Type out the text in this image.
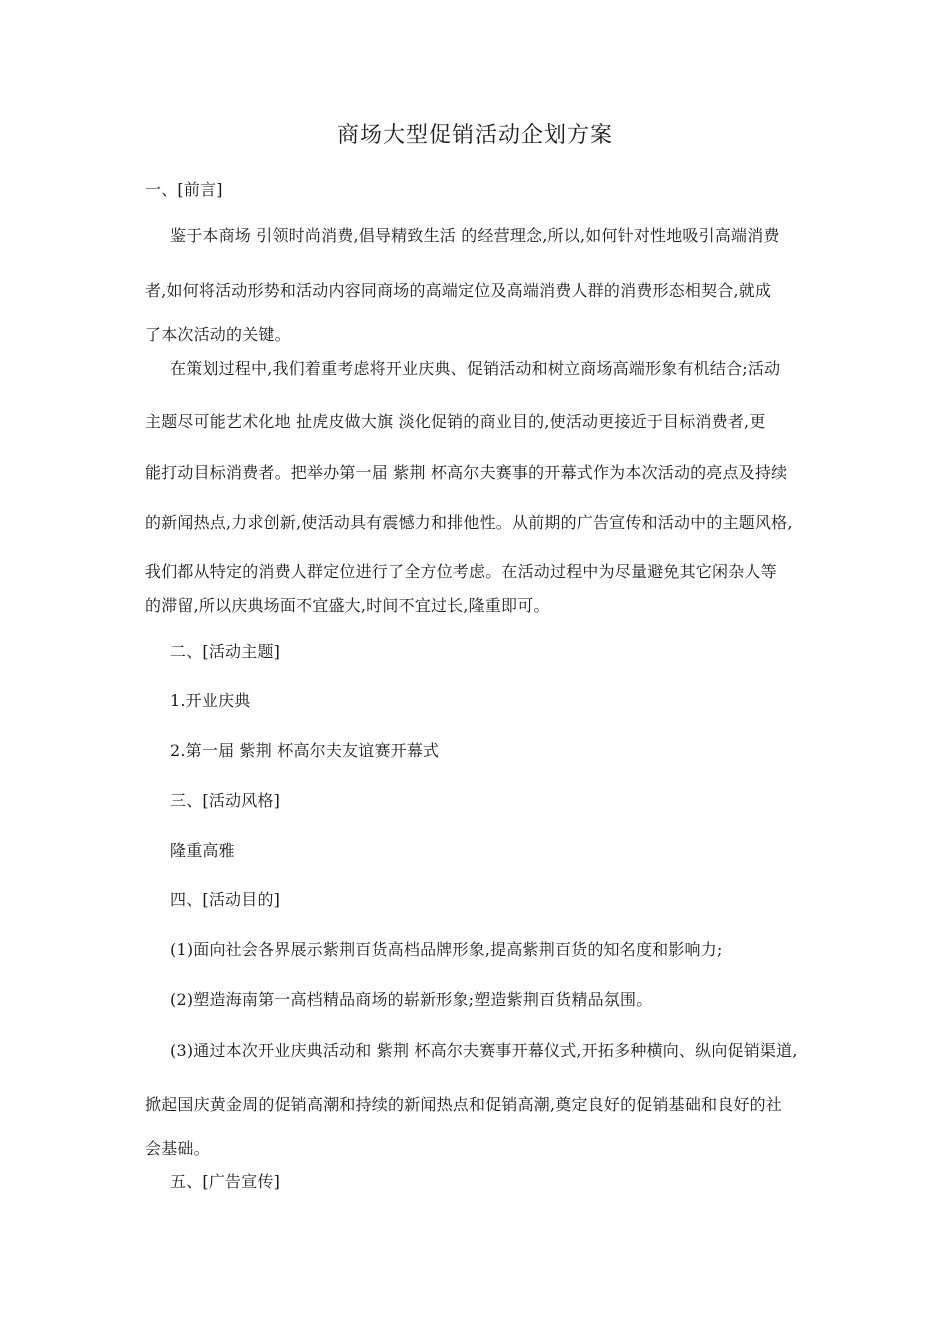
商场大型促销活动企划方案
一、[前言]
鉴于本商场 引领时尚消费,倡导精致生活 的经营理念,所以,如何针对性地吸引高端消费
者,如何将活动形势和活动内容同商场的高端定位及高端消费人群的消费形态相契合,就成
了本次活动的关键。
在策划过程中,我们着重考虑将开业庆典、促销活动和树立商场高端形象有机结合;活动
主题尽可能艺术化地 扯虎皮做大旗 淡化促销的商业目的,使活动更接近于目标消费者,更
能打动目标消费者。把举办第一届 紫荆 杯高尔夫赛事的开幕式作为本次活动的亮点及持续
的新闻热点,力求创新,使活动具有震憾力和排他性。从前期的广告宣传和活动中的主题风格,
我们都从特定的消费人群定位进行了全方位考虑。在活动过程中为尽量避免其它闲杂人等
的滞留,所以庆典场面不宜盛大,时间不宜过长,隆重即可。
二、[活动主题]
1.开业庆典
2.第一届 紫荆 杯高尔夫友谊赛开幕式
三、[活动风格]
隆重高雅
四、[活动目的]
(1)面向社会各界展示紫荆百货高档品牌形象,提高紫荆百货的知名度和影响力;
(2)塑造海南第一高档精品商场的崭新形象;塑造紫荆百货精品氛围。
(3)通过本次开业庆典活动和 紫荆 杯高尔夫赛事开幕仪式,开拓多种横向、纵向促销渠道,
掀起国庆黄金周的促销高潮和持续的新闻热点和促销高潮,奠定良好的促销基础和良好的社
会基础。
五、[广告宣传]
